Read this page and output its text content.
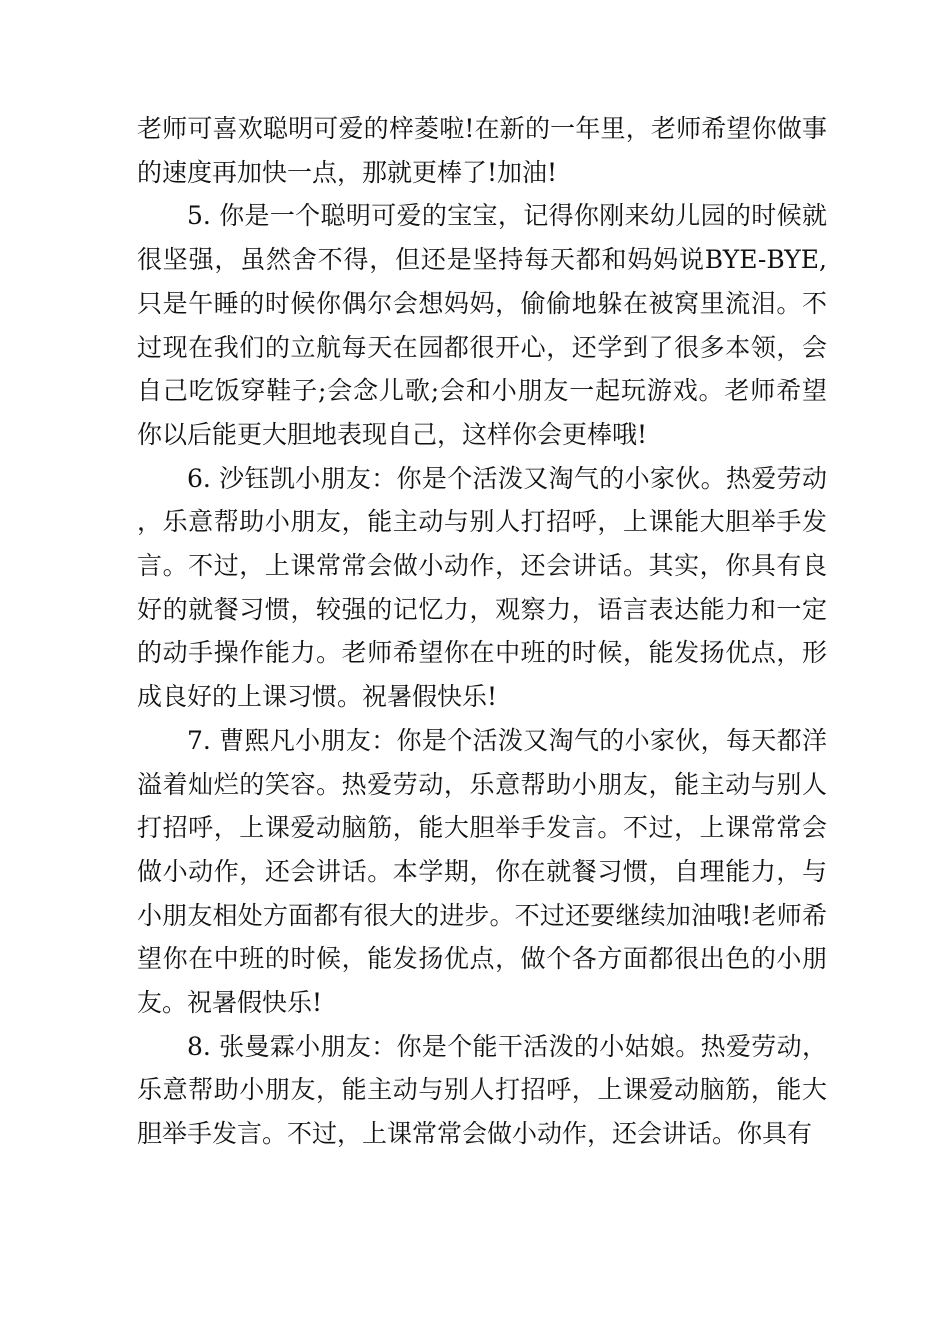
老师可喜欢聪明可爱的梓菱啦!在新的一年里，老师希望你做事的速度再加快一点，那就更棒了!加油!

5. 你是一个聪明可爱的宝宝，记得你刚来幼儿园的时候就很坚强，虽然舍不得，但还是坚持每天都和妈妈说BYE-BYE,只是午睡的时候你偶尔会想妈妈，偷偷地躲在被窝里流泪。不过现在我们的立航每天在园都很开心，还学到了很多本领，会自己吃饭穿鞋子;会念儿歌;会和小朋友一起玩游戏。老师希望你以后能更大胆地表现自己，这样你会更棒哦!

6. 沙钰凯小朋友：你是个活泼又淘气的小家伙。热爱劳动，乐意帮助小朋友，能主动与别人打招呼，上课能大胆举手发言。不过，上课常常会做小动作，还会讲话。其实，你具有良好的就餐习惯，较强的记忆力，观察力，语言表达能力和一定的动手操作能力。老师希望你在中班的时候，能发扬优点，形成良好的上课习惯。祝暑假快乐!

7. 曹熙凡小朋友：你是个活泼又淘气的小家伙，每天都洋溢着灿烂的笑容。热爱劳动，乐意帮助小朋友，能主动与别人打招呼，上课爱动脑筋，能大胆举手发言。不过，上课常常会做小动作，还会讲话。本学期，你在就餐习惯，自理能力，与小朋友相处方面都有很大的进步。不过还要继续加油哦!老师希望你在中班的时候，能发扬优点，做个各方面都很出色的小朋友。祝暑假快乐!

8. 张曼霖小朋友：你是个能干活泼的小姑娘。热爱劳动，乐意帮助小朋友，能主动与别人打招呼，上课爱动脑筋，能大胆举手发言。不过，上课常常会做小动作，还会讲话。你具有
